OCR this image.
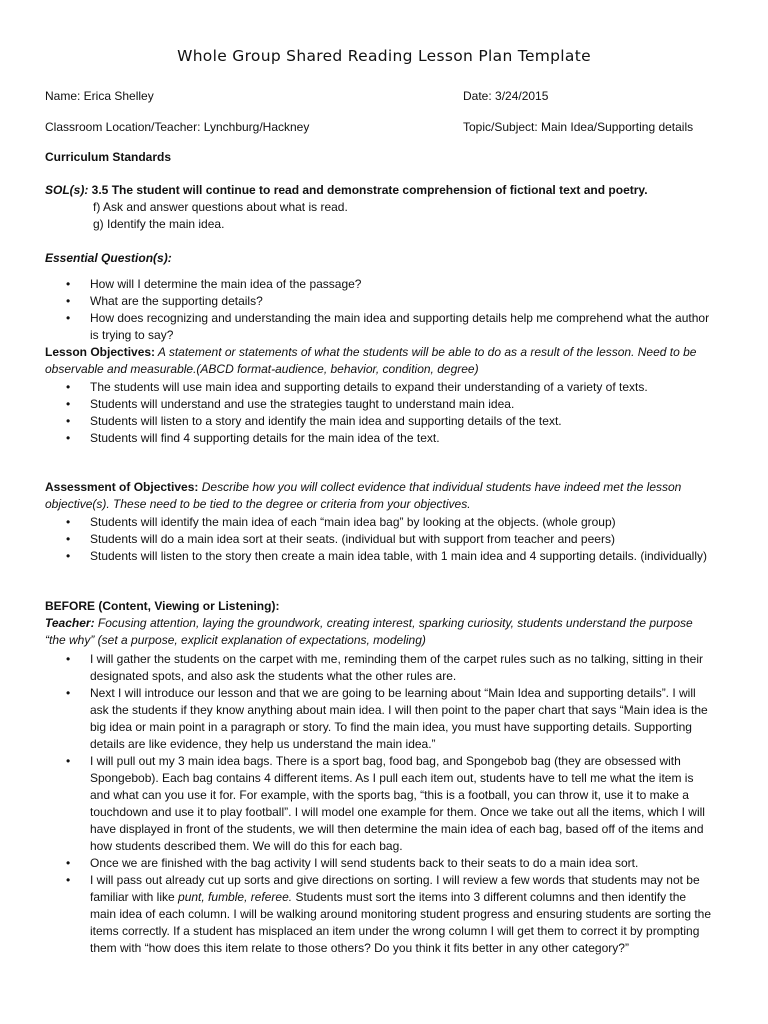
Whole Group Shared Reading Lesson Plan Template
Name: Erica Shelley	Date: 3/24/2015
Classroom Location/Teacher: Lynchburg/Hackney	Topic/Subject: Main Idea/Supporting details
Curriculum Standards
SOL(s): 3.5 The student will continue to read and demonstrate comprehension of fictional text and poetry.
f) Ask and answer questions about what is read.
g) Identify the main idea.
Essential Question(s):
• How will I determine the main idea of the passage?
• What are the supporting details?
• How does recognizing and understanding the main idea and supporting details help me comprehend what the author is trying to say?
Lesson Objectives: A statement or statements of what the students will be able to do as a result of the lesson. Need to be observable and measurable.(ABCD format-audience, behavior, condition, degree)
• The students will use main idea and supporting details to expand their understanding of a variety of texts.
• Students will understand and use the strategies taught to understand main idea.
• Students will listen to a story and identify the main idea and supporting details of the text.
• Students will find 4 supporting details for the main idea of the text.
Assessment of Objectives: Describe how you will collect evidence that individual students have indeed met the lesson objective(s). These need to be tied to the degree or criteria from your objectives.
• Students will identify the main idea of each “main idea bag” by looking at the objects. (whole group)
• Students will do a main idea sort at their seats. (individual but with support from teacher and peers)
• Students will listen to the story then create a main idea table, with 1 main idea and 4 supporting details. (individually)
BEFORE (Content, Viewing or Listening):
Teacher: Focusing attention, laying the groundwork, creating interest, sparking curiosity, students understand the purpose “the why” (set a purpose, explicit explanation of expectations, modeling)
• I will gather the students on the carpet with me, reminding them of the carpet rules such as no talking, sitting in their designated spots, and also ask the students what the other rules are.
• Next I will introduce our lesson and that we are going to be learning about “Main Idea and supporting details”. I will ask the students if they know anything about main idea. I will then point to the paper chart that says “Main idea is the big idea or main point in a paragraph or story. To find the main idea, you must have supporting details. Supporting details are like evidence, they help us understand the main idea.”
• I will pull out my 3 main idea bags. There is a sport bag, food bag, and Spongebob bag (they are obsessed with Spongebob). Each bag contains 4 different items. As I pull each item out, students have to tell me what the item is and what can you use it for. For example, with the sports bag, “this is a football, you can throw it, use it to make a touchdown and use it to play football”. I will model one example for them. Once we take out all the items, which I will have displayed in front of the students, we will then determine the main idea of each bag, based off of the items and how students described them. We will do this for each bag.
• Once we are finished with the bag activity I will send students back to their seats to do a main idea sort.
• I will pass out already cut up sorts and give directions on sorting. I will review a few words that students may not be familiar with like punt, fumble, referee. Students must sort the items into 3 different columns and then identify the main idea of each column. I will be walking around monitoring student progress and ensuring students are sorting the items correctly. If a student has misplaced an item under the wrong column I will get them to correct it by prompting them with “how does this item relate to those others? Do you think it fits better in any other category?”
